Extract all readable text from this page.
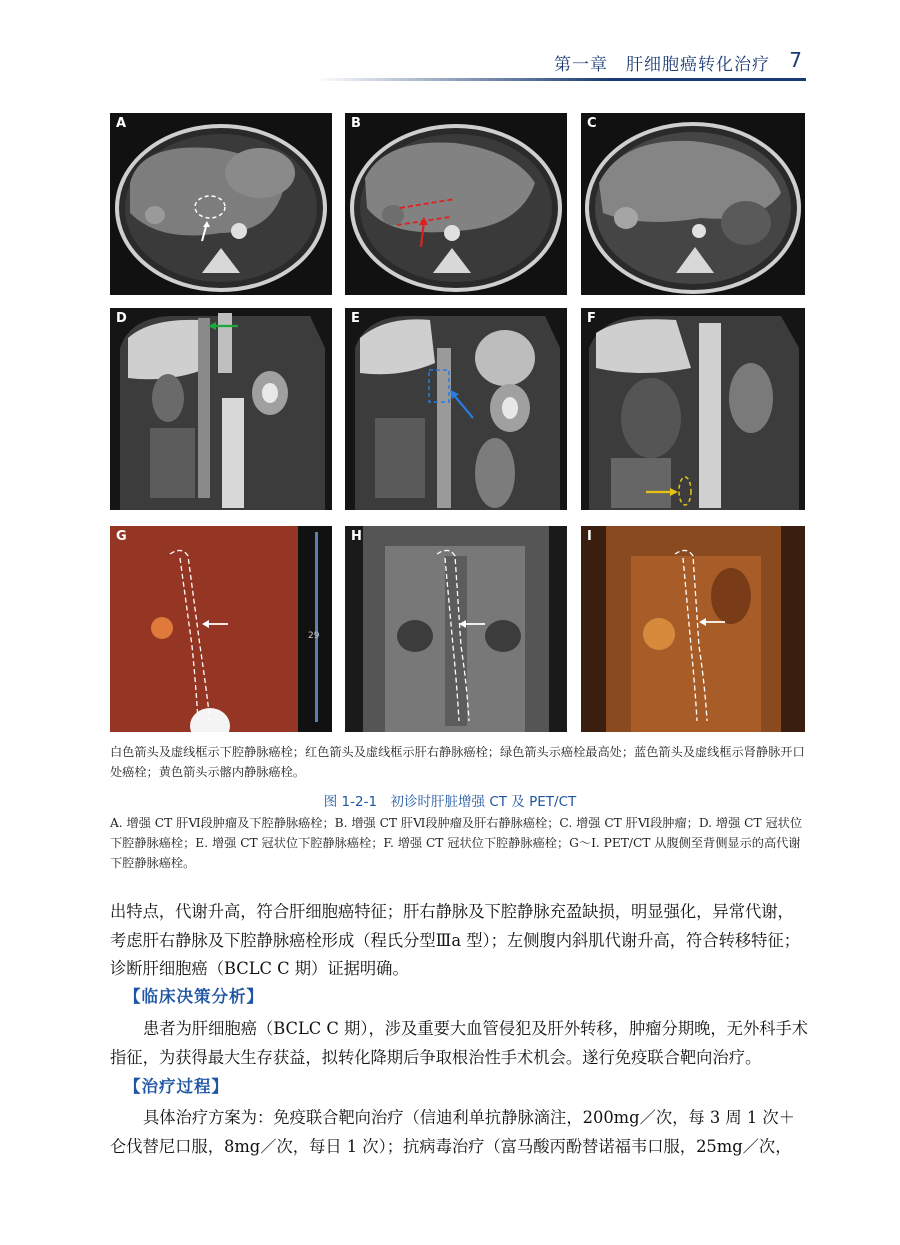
第一章　肝细胞癌转化治疗 7
A	B	C
D	E	F
29
G	H	I
白色箭头及虚线框示下腔静脉癌栓；红色箭头及虚线框示肝右静脉癌栓；绿色箭头示癌栓最高处；蓝色箭头及虚线框示肾静脉开口处癌栓；黄色箭头示髂内静脉癌栓。
图 1-2-1　初诊时肝脏增强 CT 及 PET/CT
A. 增强 CT 肝Ⅵ段肿瘤及下腔静脉癌栓；B. 增强 CT 肝Ⅵ段肿瘤及肝右静脉癌栓；C. 增强 CT 肝Ⅵ段肿瘤；D. 增强 CT 冠状位下腔静脉癌栓；E. 增强 CT 冠状位下腔静脉癌栓；F. 增强 CT 冠状位下腔静脉癌栓；G～I. PET/CT 从腹侧至背侧显示的高代谢下腔静脉癌栓。
出特点，代谢升高，符合肝细胞癌特征；肝右静脉及下腔静脉充盈缺损，明显强化，异常代谢，考虑肝右静脉及下腔静脉癌栓形成（程氏分型Ⅲa 型）；左侧腹内斜肌代谢升高，符合转移特征；诊断肝细胞癌（BCLC C 期）证据明确。
【临床决策分析】
患者为肝细胞癌（BCLC C 期），涉及重要大血管侵犯及肝外转移，肿瘤分期晚，无外科手术指征，为获得最大生存获益，拟转化降期后争取根治性手术机会。遂行免疫联合靶向治疗。
【治疗过程】
具体治疗方案为：免疫联合靶向治疗（信迪利单抗静脉滴注，200mg／次，每 3 周 1 次＋仑伐替尼口服，8mg／次，每日 1 次）；抗病毒治疗（富马酸丙酚替诺福韦口服，25mg／次，
